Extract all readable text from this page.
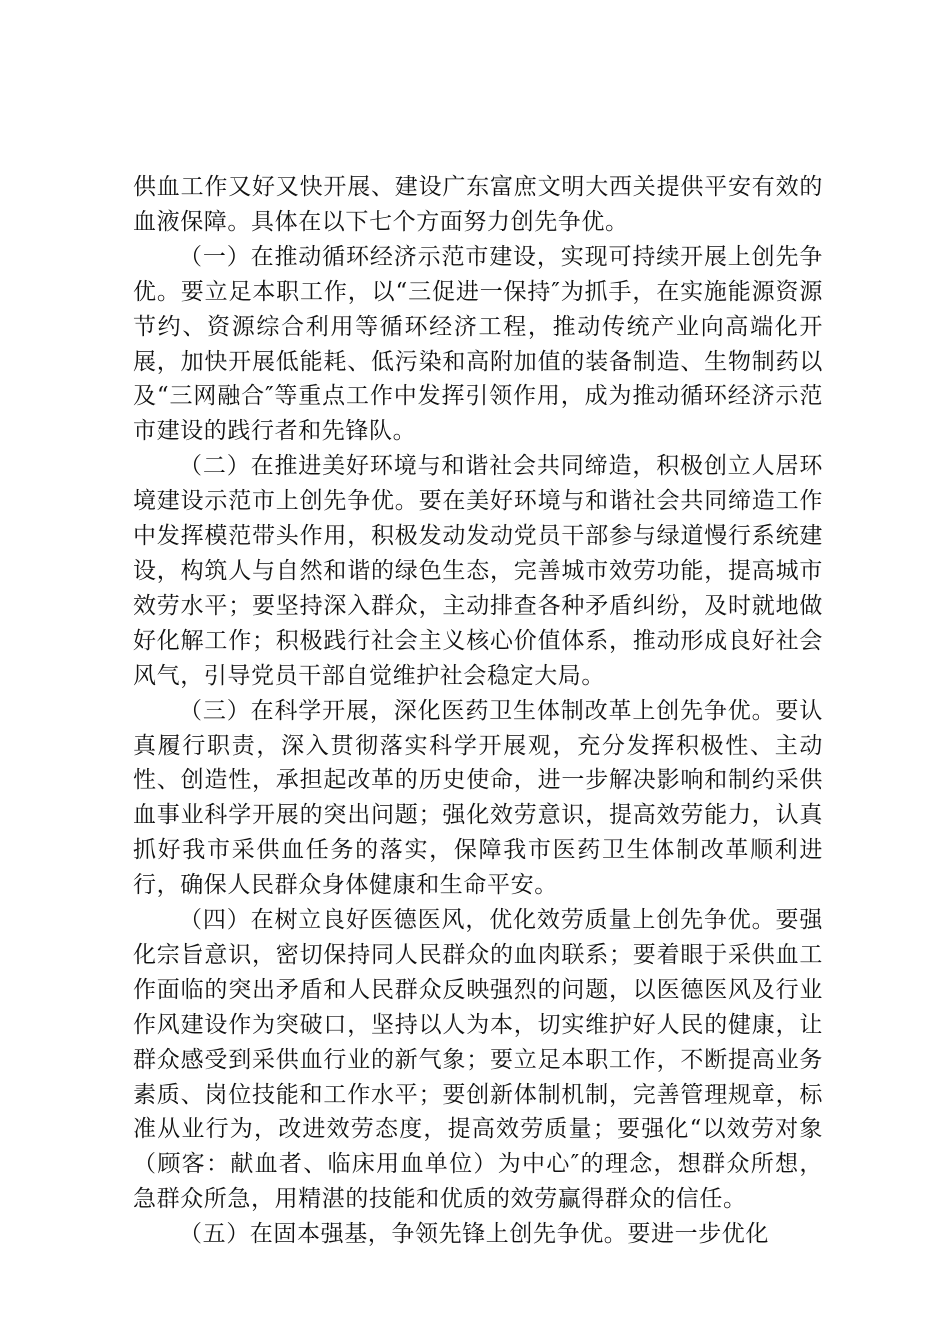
供血工作又好又快开展、建设广东富庶文明大西关提供平安有效的血液保障。具体在以下七个方面努力创先争优。

（一）在推动循环经济示范市建设，实现可持续开展上创先争优。要立足本职工作，以“三促进一保持″为抓手，在实施能源资源节约、资源综合利用等循环经济工程，推动传统产业向高端化开展，加快开展低能耗、低污染和高附加值的装备制造、生物制药以及“三网融合″等重点工作中发挥引领作用，成为推动循环经济示范市建设的践行者和先锋队。

（二）在推进美好环境与和谐社会共同缔造，积极创立人居环境建设示范市上创先争优。要在美好环境与和谐社会共同缔造工作中发挥模范带头作用，积极发动发动党员干部参与绿道慢行系统建设，构筑人与自然和谐的绿色生态，完善城市效劳功能，提高城市效劳水平；要坚持深入群众，主动排查各种矛盾纠纷，及时就地做好化解工作；积极践行社会主义核心价值体系，推动形成良好社会风气，引导党员干部自觉维护社会稳定大局。

（三）在科学开展，深化医药卫生体制改革上创先争优。要认真履行职责，深入贯彻落实科学开展观，充分发挥积极性、主动性、创造性，承担起改革的历史使命，进一步解决影响和制约采供血事业科学开展的突出问题；强化效劳意识，提高效劳能力，认真抓好我市采供血任务的落实，保障我市医药卫生体制改革顺利进行，确保人民群众身体健康和生命平安。

（四）在树立良好医德医风，优化效劳质量上创先争优。要强化宗旨意识，密切保持同人民群众的血肉联系；要着眼于采供血工作面临的突出矛盾和人民群众反映强烈的问题，以医德医风及行业作风建设作为突破口，坚持以人为本，切实维护好人民的健康，让群众感受到采供血行业的新气象；要立足本职工作，不断提高业务素质、岗位技能和工作水平；要创新体制机制，完善管理规章，标准从业行为，改进效劳态度，提高效劳质量；要强化“以效劳对象（顾客：献血者、临床用血单位）为中心″的理念，想群众所想，急群众所急，用精湛的技能和优质的效劳赢得群众的信任。

（五）在固本强基，争领先锋上创先争优。要进一步优化
